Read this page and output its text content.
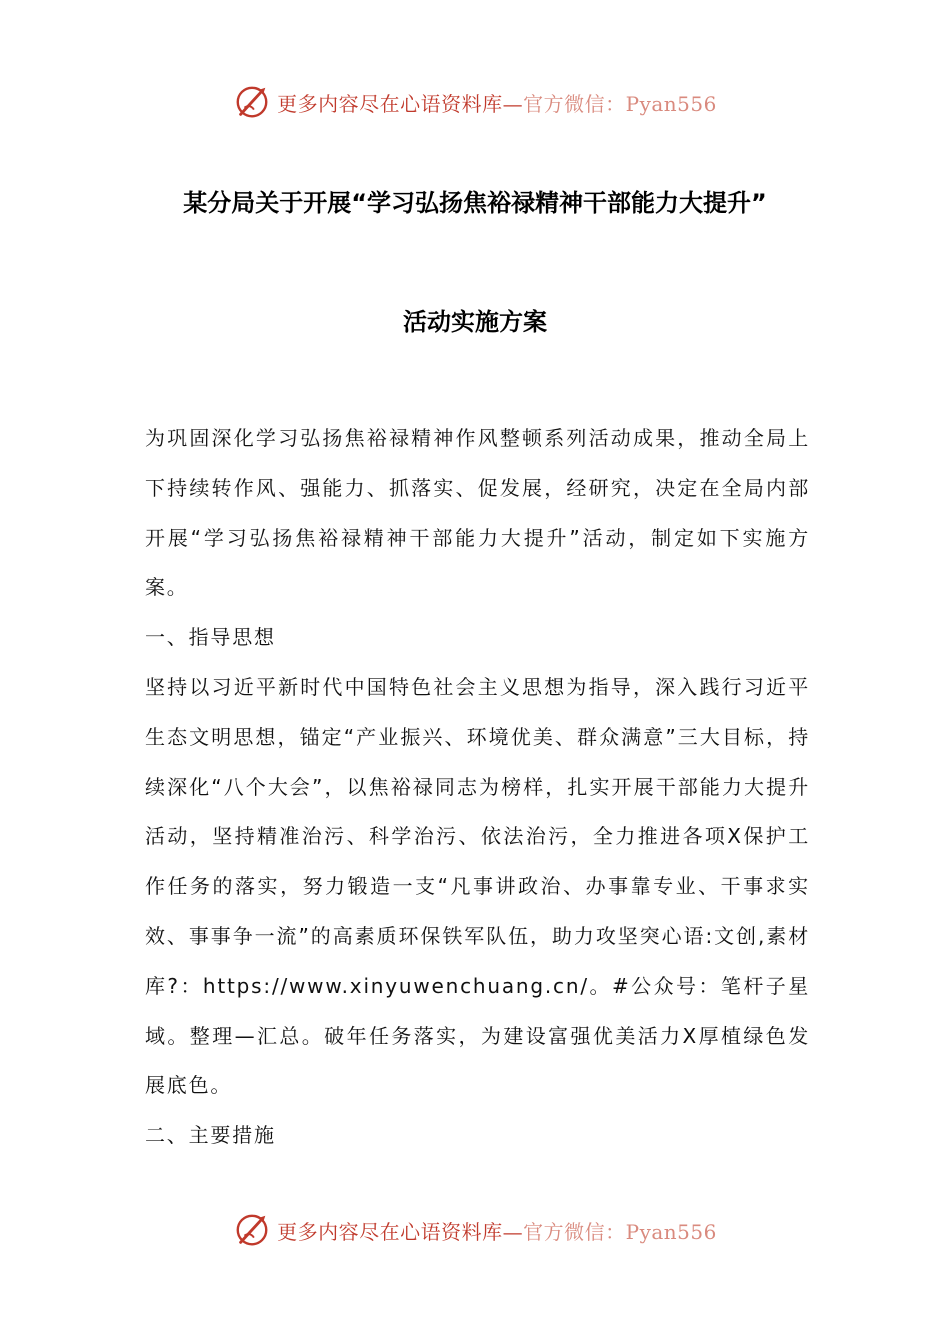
更多内容尽在心语资料库—官方微信：Pyan556
某分局关于开展“学习弘扬焦裕禄精神干部能力大提升”
活动实施方案

为巩固深化学习弘扬焦裕禄精神作风整顿系列活动成果，推动全局上下持续转作风、强能力、抓落实、促发展，经研究，决定在全局内部开展“学习弘扬焦裕禄精神干部能力大提升”活动，制定如下实施方案。

一、指导思想

坚持以习近平新时代中国特色社会主义思想为指导，深入践行习近平生态文明思想，锚定“产业振兴、环境优美、群众满意”三大目标，持续深化“八个大会”，以焦裕禄同志为榜样，扎实开展干部能力大提升活动，坚持精准治污、科学治污、依法治污，全力推进各项X保护工作任务的落实，努力锻造一支“凡事讲政治、办事靠专业、干事求实效、事事争一流”的高素质环保铁军队伍，助力攻坚突心语:文创,素材库?：https://www.xinyuwenchuang.cn/。#公众号：笔杆子星域。整理—汇总。破年任务落实，为建设富强优美活力X厚植绿色发展底色。

二、主要措施

更多内容尽在心语资料库—官方微信：Pyan556
